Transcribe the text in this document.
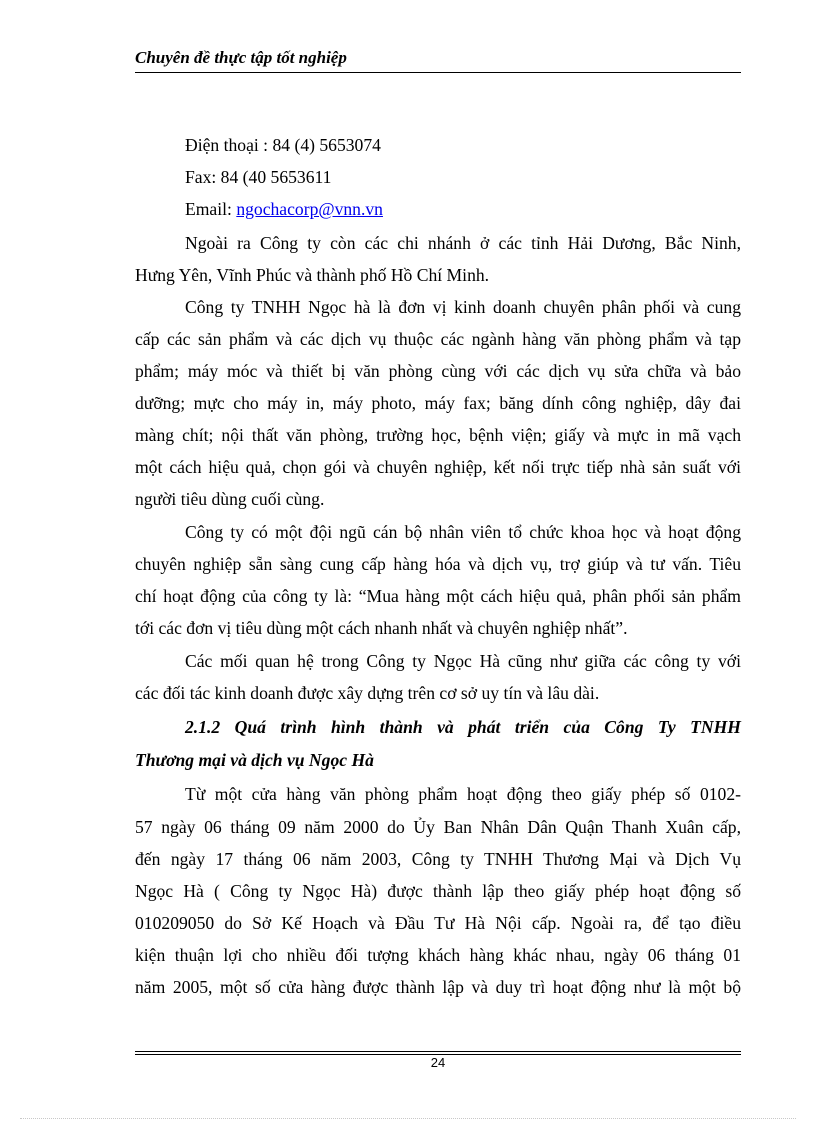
Chuyên đề thực tập tốt nghiệp
Điện thoại : 84 (4) 5653074
Fax: 84 (40 5653611
Email: ngochacorp@vnn.vn
Ngoài ra Công ty còn các chi nhánh ở các tỉnh Hải Dương, Bắc Ninh,
Hưng Yên, Vĩnh Phúc và thành phố Hồ Chí Minh.
Công ty TNHH Ngọc hà là đơn vị kinh doanh chuyên phân phối và cung
cấp các sản phẩm và các dịch vụ thuộc các ngành hàng văn phòng phẩm và tạp
phẩm; máy móc và thiết bị văn phòng cùng với các dịch vụ sửa chữa và bảo
dưỡng; mực cho máy in, máy photo, máy fax; băng dính công nghiệp, dây đai
màng chít; nội thất văn phòng, trường học, bệnh viện; giấy và mực in mã vạch
một cách hiệu quả, chọn gói và chuyên nghiệp, kết nối trực tiếp nhà sản suất với
người tiêu dùng cuối cùng.
Công ty có một đội ngũ cán bộ nhân viên tổ chức khoa học và hoạt động
chuyên nghiệp sẵn sàng cung cấp hàng hóa và dịch vụ, trợ giúp và tư vấn. Tiêu
chí hoạt động của công ty là: “Mua hàng một cách hiệu quả, phân phối sản phẩm
tới các đơn vị tiêu dùng một cách nhanh nhất và chuyên nghiệp nhất”.
Các mối quan hệ trong Công ty Ngọc Hà cũng như giữa các công ty với
các đối tác kinh doanh được xây dựng trên cơ sở uy tín và lâu dài.
2.1.2 Quá trình hình thành và phát triển của Công Ty TNHH
Thương mại và dịch vụ Ngọc Hà
Từ một cửa hàng văn phòng phẩm hoạt động theo giấy phép số 0102-
57 ngày 06 tháng 09 năm 2000 do Ủy Ban Nhân Dân Quận Thanh Xuân cấp,
đến ngày 17 tháng 06 năm 2003, Công ty TNHH Thương Mại và Dịch Vụ
Ngọc Hà ( Công ty Ngọc Hà) được thành lập theo giấy phép hoạt động số
010209050 do Sở Kế Hoạch và Đầu Tư Hà Nội cấp. Ngoài ra, để tạo điều
kiện thuận lợi cho nhiều đối tượng khách hàng khác nhau, ngày 06 tháng 01
năm 2005, một số cửa hàng được thành lập và duy trì hoạt động như là một bộ
24
